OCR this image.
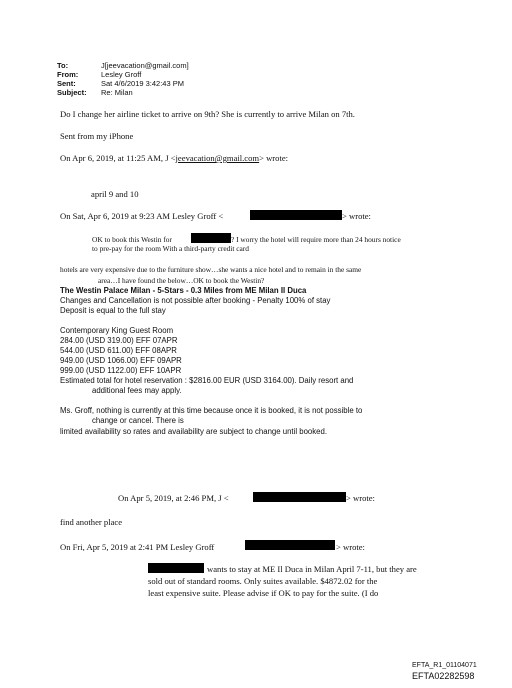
To:	J[jeevacation@gmail.com]
From:	Lesley Groff
Sent:	Sat 4/6/2019 3:42:43 PM
Subject: Re: Milan
Do I change her airline ticket to arrive on 9th? She is currently to arrive Milan on 7th.
Sent from my iPhone
On Apr 6, 2019, at 11:25 AM, J <jeevacation@gmail.com> wrote:
april 9 and 10
On Sat, Apr 6, 2019 at 9:23 AM Lesley Groff <	> wrote:
OK to book this Westin for	? I worry the hotel will require more than 24 hours notice
to pre-pay for the room With a third-party credit card
hotels are very expensive due to the furniture show…she wants a nice hotel and to remain in the same
area…I have found the below…OK to book the Westin?
The Westin Palace Milan - 5-Stars - 0.3 Miles from ME Milan Il Duca
Changes and Cancellation is not possible after booking - Penalty 100% of stay
Deposit is equal to the full stay
Contemporary King Guest Room
284.00 (USD 319.00) EFF 07APR
544.00 (USD 611.00) EFF 08APR
949.00 (USD 1066.00) EFF 09APR
999.00 (USD 1122.00) EFF 10APR
Estimated total for hotel reservation : $2816.00 EUR (USD 3164.00). Daily resort and
additional fees may apply.
Ms. Groff, nothing is currently at this time because once it is booked, it is not possible to
change or cancel. There is
limited availability so rates and availability are subject to change until booked.
On Apr 5, 2019, at 2:46 PM, J <	> wrote:
find another place
On Fri, Apr 5, 2019 at 2:41 PM Lesley Groff	> wrote:
wants to stay at ME Il Duca in Milan April 7-11, but they are
sold out of standard rooms. Only suites available. $4872.02 for the
least expensive suite. Please advise if OK to pay for the suite. (I do
EFTA_R1_01104071
EFTA02282598
